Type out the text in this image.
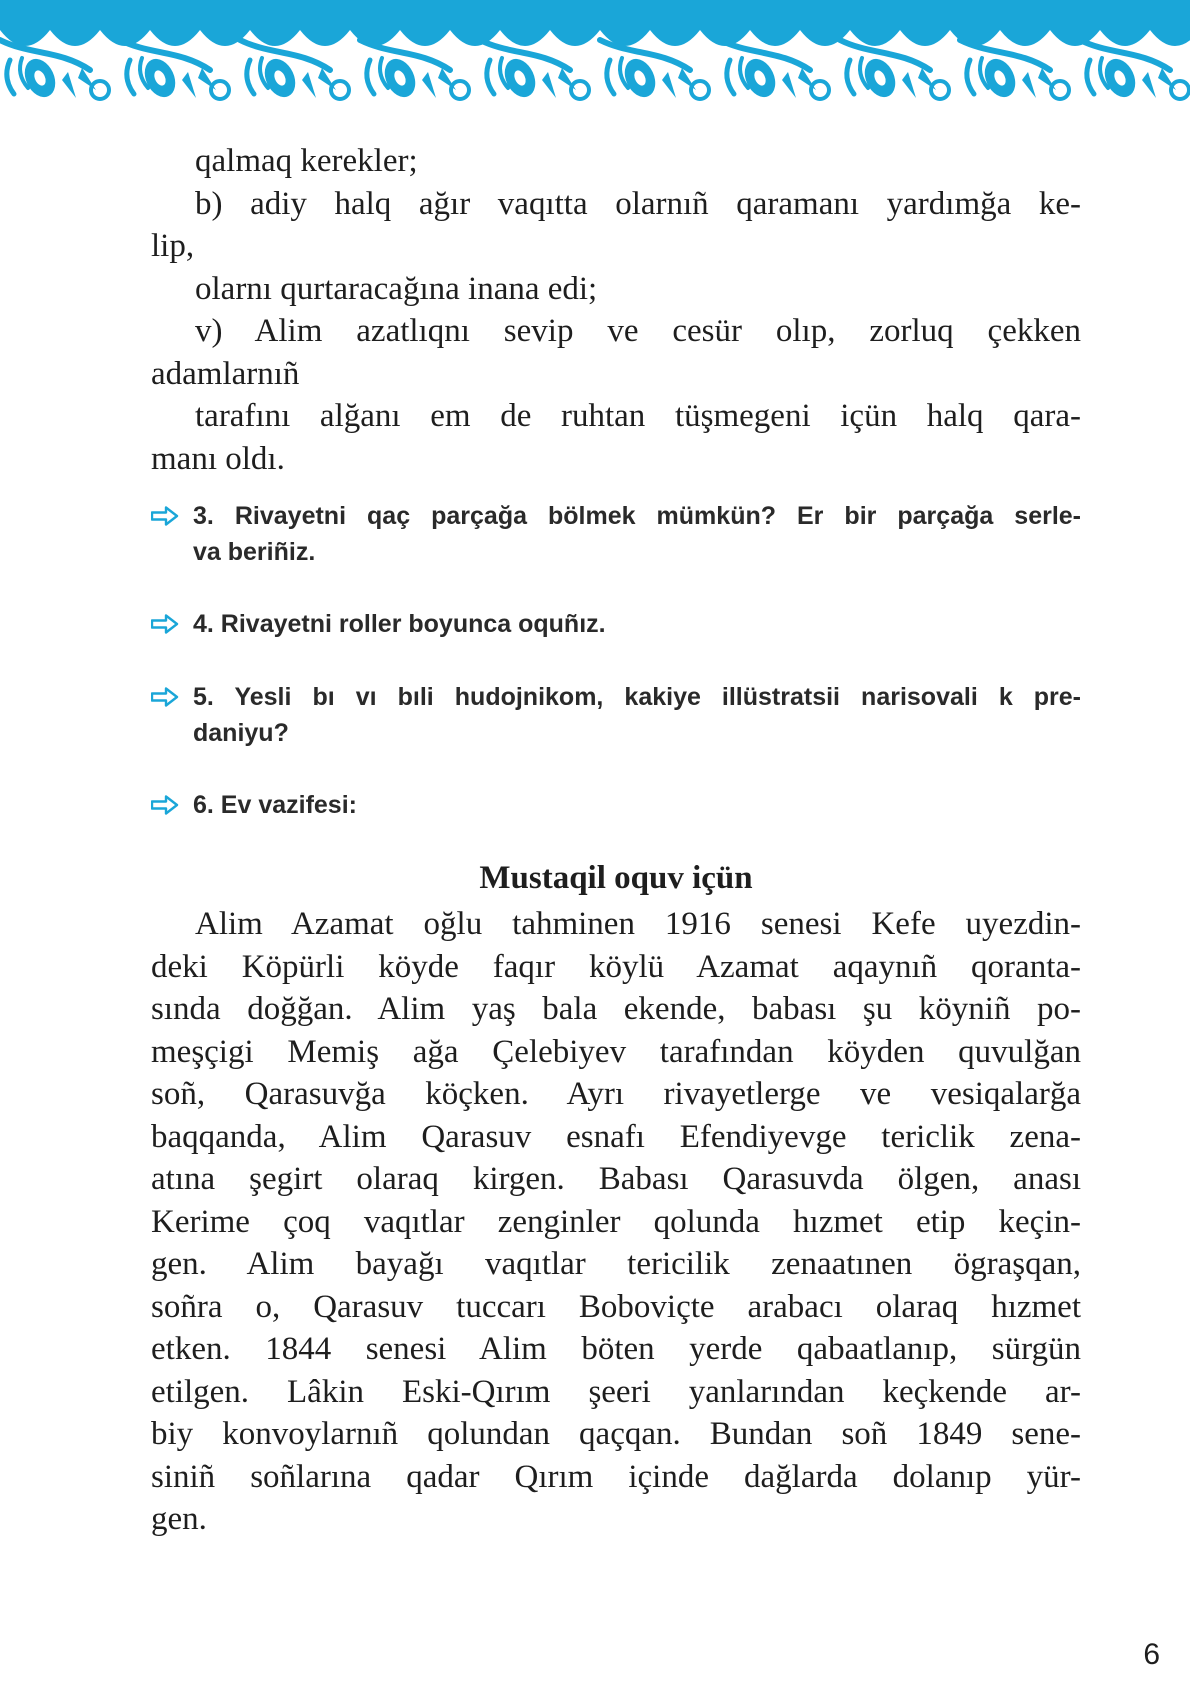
qalmaq kerekler;

b) adiy halq ağır vaqıtta olarnıñ qaramanı yardımğa ke-

lip,

olarnı qurtaracağına inana edi;

v) Alim azatlıqnı sevip ve cesür olıp, zorluq çekken

adamlarnıñ

tarafını alğanı em de ruhtan tüşmegeni içün halq qara-

manı oldı.

3. Rivayetni qaç parçağa bölmek mümkün? Er bir parçağa serle-
va beriñiz.
4. Rivayetni roller boyunca oquñız.
5. Yesli bı vı bıli hudojnikom, kakiye illüstratsii narisovali k pre-
daniyu?
6. Ev vazifesi:
Mustaqil oquv içün

Alim Azamat oğlu tahminen 1916 senesi Kefe uyezdin-

deki Köpürli köyde faqır köylü Azamat aqaynıñ qoranta-

sında doğğan. Alim yaş bala ekende, babası şu köyniñ po-

meşçigi Memiş ağa Çelebiyev tarafından köyden quvulğan

soñ, Qarasuvğa köçken. Ayrı rivayetlerge ve vesiqalarğa

baqqanda, Alim Qarasuv esnafı Efendiyevge tericlik zena-

atına şegirt olaraq kirgen. Babası Qarasuvda ölgen, anası

Kerime çoq vaqıtlar zenginler qolunda hızmet etip keçin-

gen. Alim bayağı vaqıtlar tericilik zenaatınen ögraşqan,

soñra o, Qarasuv tuccarı Boboviçte arabacı olaraq hızmet

etken. 1844 senesi Alim böten yerde qabaatlanıp, sürgün

etilgen. Lâkin Eski-Qırım şeeri yanlarından keçkende ar-

biy konvoylarnıñ qolundan qaçqan. Bundan soñ 1849 sene-

siniñ soñlarına qadar Qırım içinde dağlarda dolanıp yür-

gen.

6
